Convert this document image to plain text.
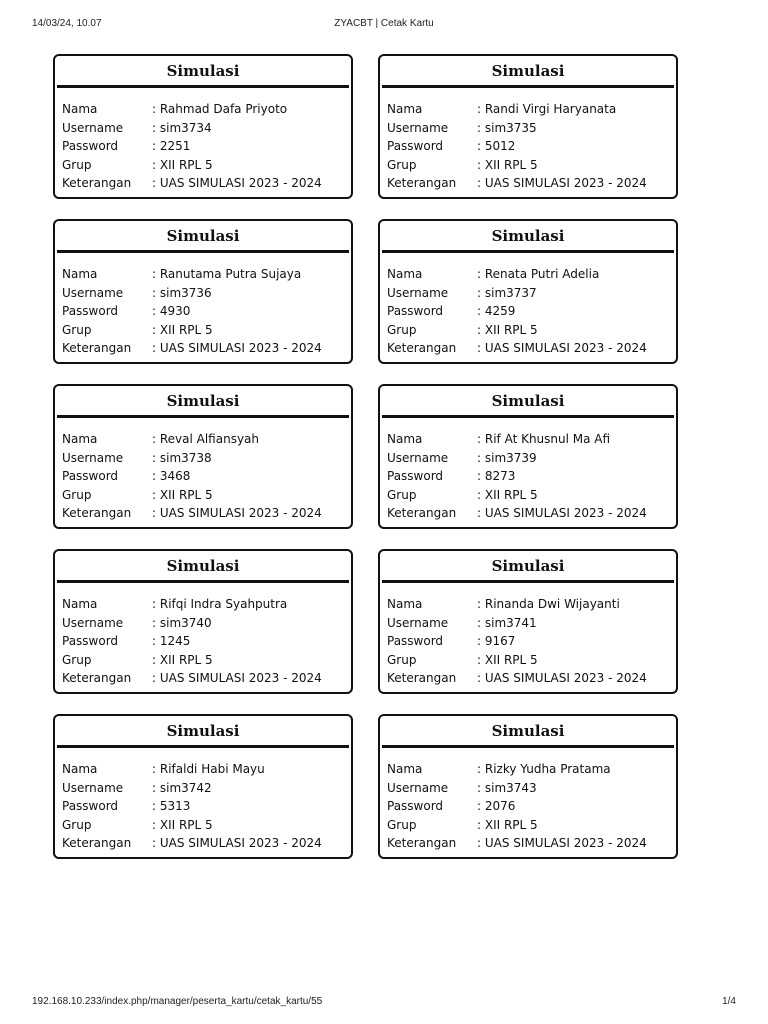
14/03/24, 10.07	ZYACBT | Cetak Kartu
Simulasi
Nama	: Rahmad Dafa Priyoto
Username	: sim3734
Password	: 2251
Grup	: XII RPL 5
Keterangan	: UAS SIMULASI 2023 - 2024
Simulasi
Nama	: Randi Virgi Haryanata
Username	: sim3735
Password	: 5012
Grup	: XII RPL 5
Keterangan	: UAS SIMULASI 2023 - 2024
Simulasi
Nama	: Ranutama Putra Sujaya
Username	: sim3736
Password	: 4930
Grup	: XII RPL 5
Keterangan	: UAS SIMULASI 2023 - 2024
Simulasi
Nama	: Renata Putri Adelia
Username	: sim3737
Password	: 4259
Grup	: XII RPL 5
Keterangan	: UAS SIMULASI 2023 - 2024
Simulasi
Nama	: Reval Alfiansyah
Username	: sim3738
Password	: 3468
Grup	: XII RPL 5
Keterangan	: UAS SIMULASI 2023 - 2024
Simulasi
Nama	: Rif At Khusnul Ma Afi
Username	: sim3739
Password	: 8273
Grup	: XII RPL 5
Keterangan	: UAS SIMULASI 2023 - 2024
Simulasi
Nama	: Rifqi Indra Syahputra
Username	: sim3740
Password	: 1245
Grup	: XII RPL 5
Keterangan	: UAS SIMULASI 2023 - 2024
Simulasi
Nama	: Rinanda Dwi Wijayanti
Username	: sim3741
Password	: 9167
Grup	: XII RPL 5
Keterangan	: UAS SIMULASI 2023 - 2024
Simulasi
Nama	: Rifaldi Habi Mayu
Username	: sim3742
Password	: 5313
Grup	: XII RPL 5
Keterangan	: UAS SIMULASI 2023 - 2024
Simulasi
Nama	: Rizky Yudha Pratama
Username	: sim3743
Password	: 2076
Grup	: XII RPL 5
Keterangan	: UAS SIMULASI 2023 - 2024
192.168.10.233/index.php/manager/peserta_kartu/cetak_kartu/55	1/4
